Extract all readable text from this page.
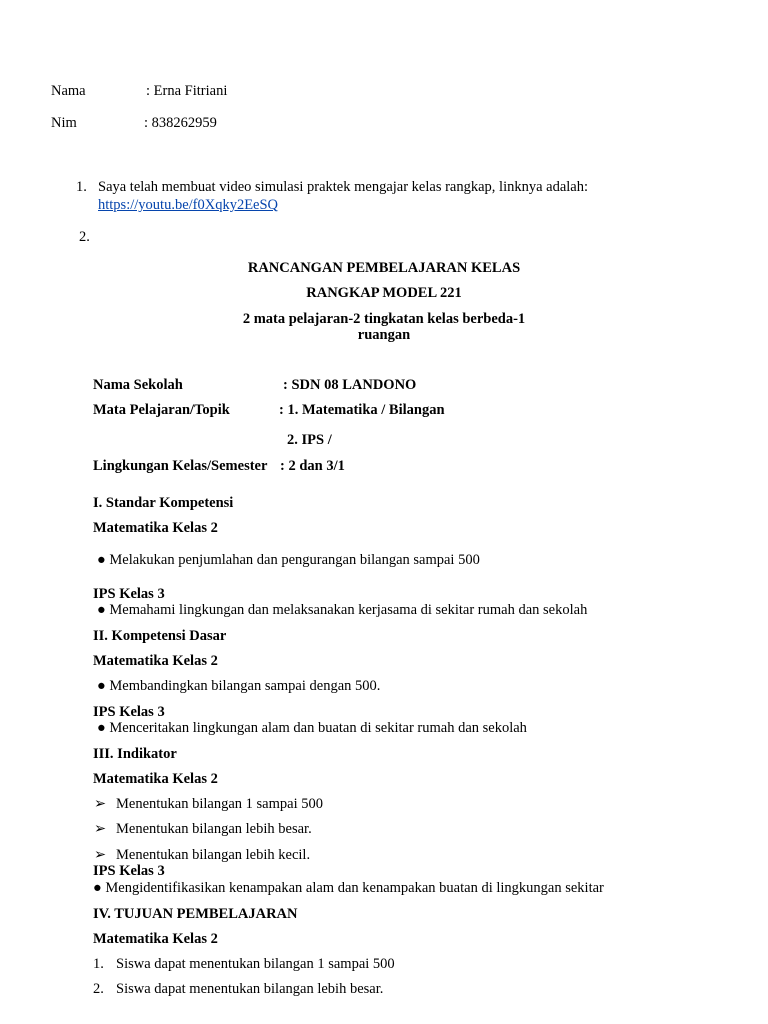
Nama	: Erna Fitriani
Nim	: 838262959
1. Saya telah membuat video simulasi praktek mengajar kelas rangkap, linknya adalah:
https://youtu.be/f0Xqky2EeSQ
2.
RANCANGAN PEMBELAJARAN KELAS
RANGKAP MODEL 221
2 mata pelajaran-2 tingkatan kelas berbeda-1
ruangan
Nama Sekolah	: SDN 08 LANDONO
Mata Pelajaran/Topik	: 1. Matematika / Bilangan
2. IPS /
Lingkungan Kelas/Semester : 2 dan 3/1
I. Standar Kompetensi
Matematika Kelas 2
● Melakukan penjumlahan dan pengurangan bilangan sampai 500
IPS Kelas 3
● Memahami lingkungan dan melaksanakan kerjasama di sekitar rumah dan sekolah
II. Kompetensi Dasar
Matematika Kelas 2
● Membandingkan bilangan sampai dengan 500.
IPS Kelas 3
● Menceritakan lingkungan alam dan buatan di sekitar rumah dan sekolah
III. Indikator
Matematika Kelas 2
➢ Menentukan bilangan 1 sampai 500
➢ Menentukan bilangan lebih besar.
➢ Menentukan bilangan lebih kecil.
IPS Kelas 3
● Mengidentifikasikan kenampakan alam dan kenampakan buatan di lingkungan sekitar
IV. TUJUAN PEMBELAJARAN
Matematika Kelas 2
1. Siswa dapat menentukan bilangan 1 sampai 500
2. Siswa dapat menentukan bilangan lebih besar.
